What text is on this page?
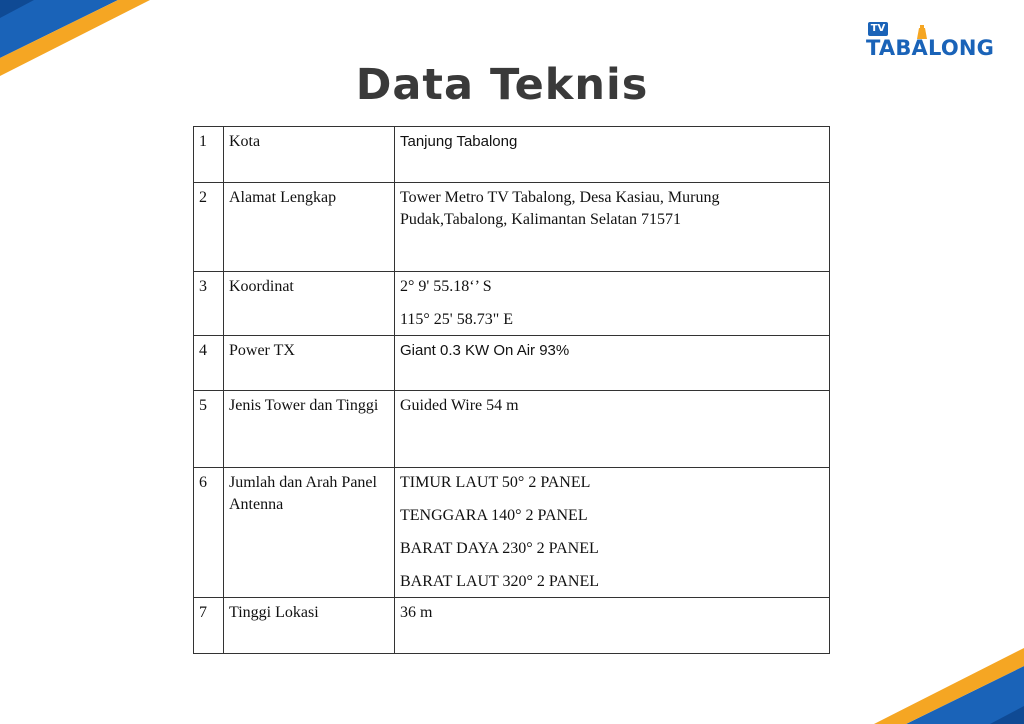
TV
TABALONG
Data Teknis
1	Kota	Tanjung Tabalong
2	Alamat Lengkap	Tower Metro TV Tabalong, Desa Kasiau, Murung Pudak,Tabalong, Kalimantan Selatan 71571
3	Koordinat	2° 9' 55.18‘’ S
115° 25' 58.73" E

4	Power TX	Giant 0.3 KW On Air 93%
5	Jenis Tower dan Tinggi	Guided Wire 54 m
6	Jumlah dan Arah Panel Antenna	TIMUR LAUT 50° 2 PANEL
TENGGARA 140° 2 PANEL
BARAT DAYA 230° 2 PANEL
BARAT LAUT 320° 2 PANEL

7	Tinggi Lokasi	36 m
